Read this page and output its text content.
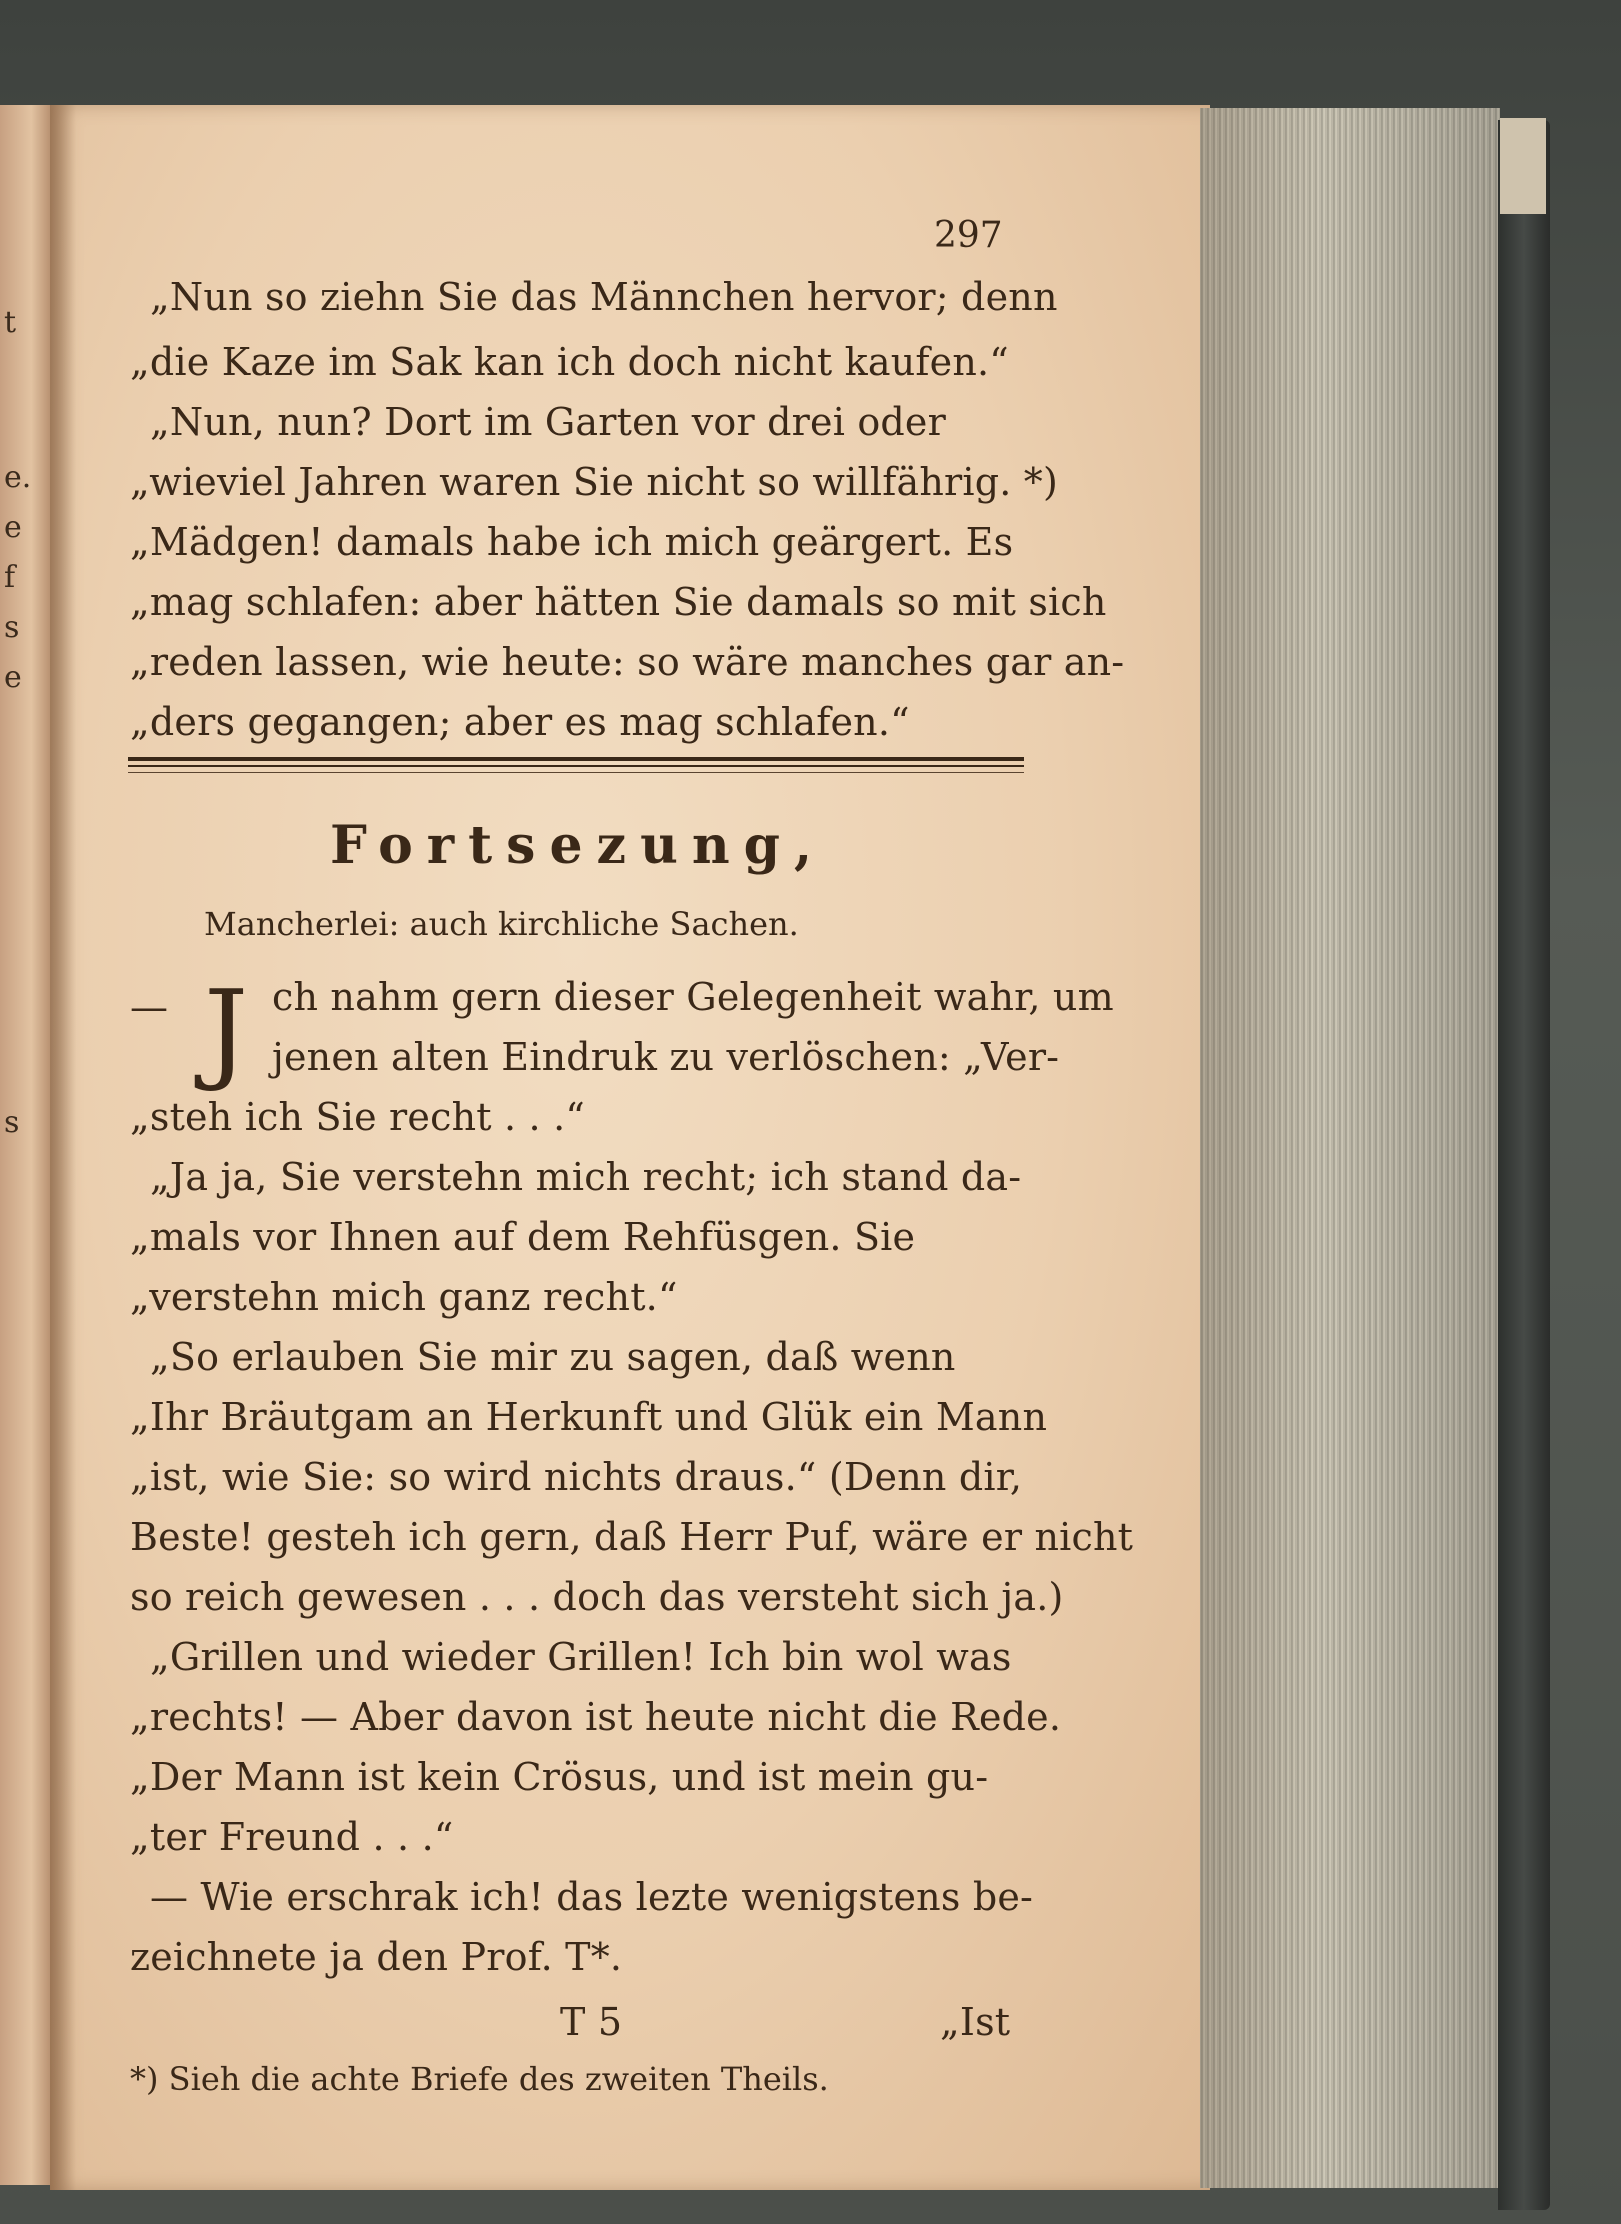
t
e.
e
f
s
e
s
297
„Nun so ziehn Sie das Männchen hervor; denn
„die Kaze im Sak kan ich doch nicht kaufen.“
„Nun, nun? Dort im Garten vor drei oder
„wieviel Jahren waren Sie nicht so willfährig. *)
„Mädgen! damals habe ich mich geärgert. Es
„mag schlafen: aber hätten Sie damals so mit sich
„reden lassen, wie heute: so wäre manches gar an-
„ders gegangen; aber es mag schlafen.“
Fortsezung,
Mancherlei: auch kirchliche Sachen.
— J ch nahm gern dieser Gelegenheit wahr, um
jenen alten Eindruk zu verlöschen: „Ver-
„steh ich Sie recht . . .“
„Ja ja, Sie verstehn mich recht; ich stand da-
„mals vor Ihnen auf dem Rehfüsgen. Sie
„verstehn mich ganz recht.“
„So erlauben Sie mir zu sagen, daß wenn
„Ihr Bräutgam an Herkunft und Glük ein Mann
„ist, wie Sie: so wird nichts draus.“ (Denn dir,
Beste! gesteh ich gern, daß Herr Puf, wäre er nicht
so reich gewesen . . . doch das versteht sich ja.)
„Grillen und wieder Grillen! Ich bin wol was
„rechts! — Aber davon ist heute nicht die Rede.
„Der Mann ist kein Crösus, und ist mein gu-
„ter Freund . . .“
— Wie erschrak ich! das lezte wenigstens be-
zeichnete ja den Prof. T*.
T 5	„Ist
*) Sieh die achte Briefe des zweiten Theils.
